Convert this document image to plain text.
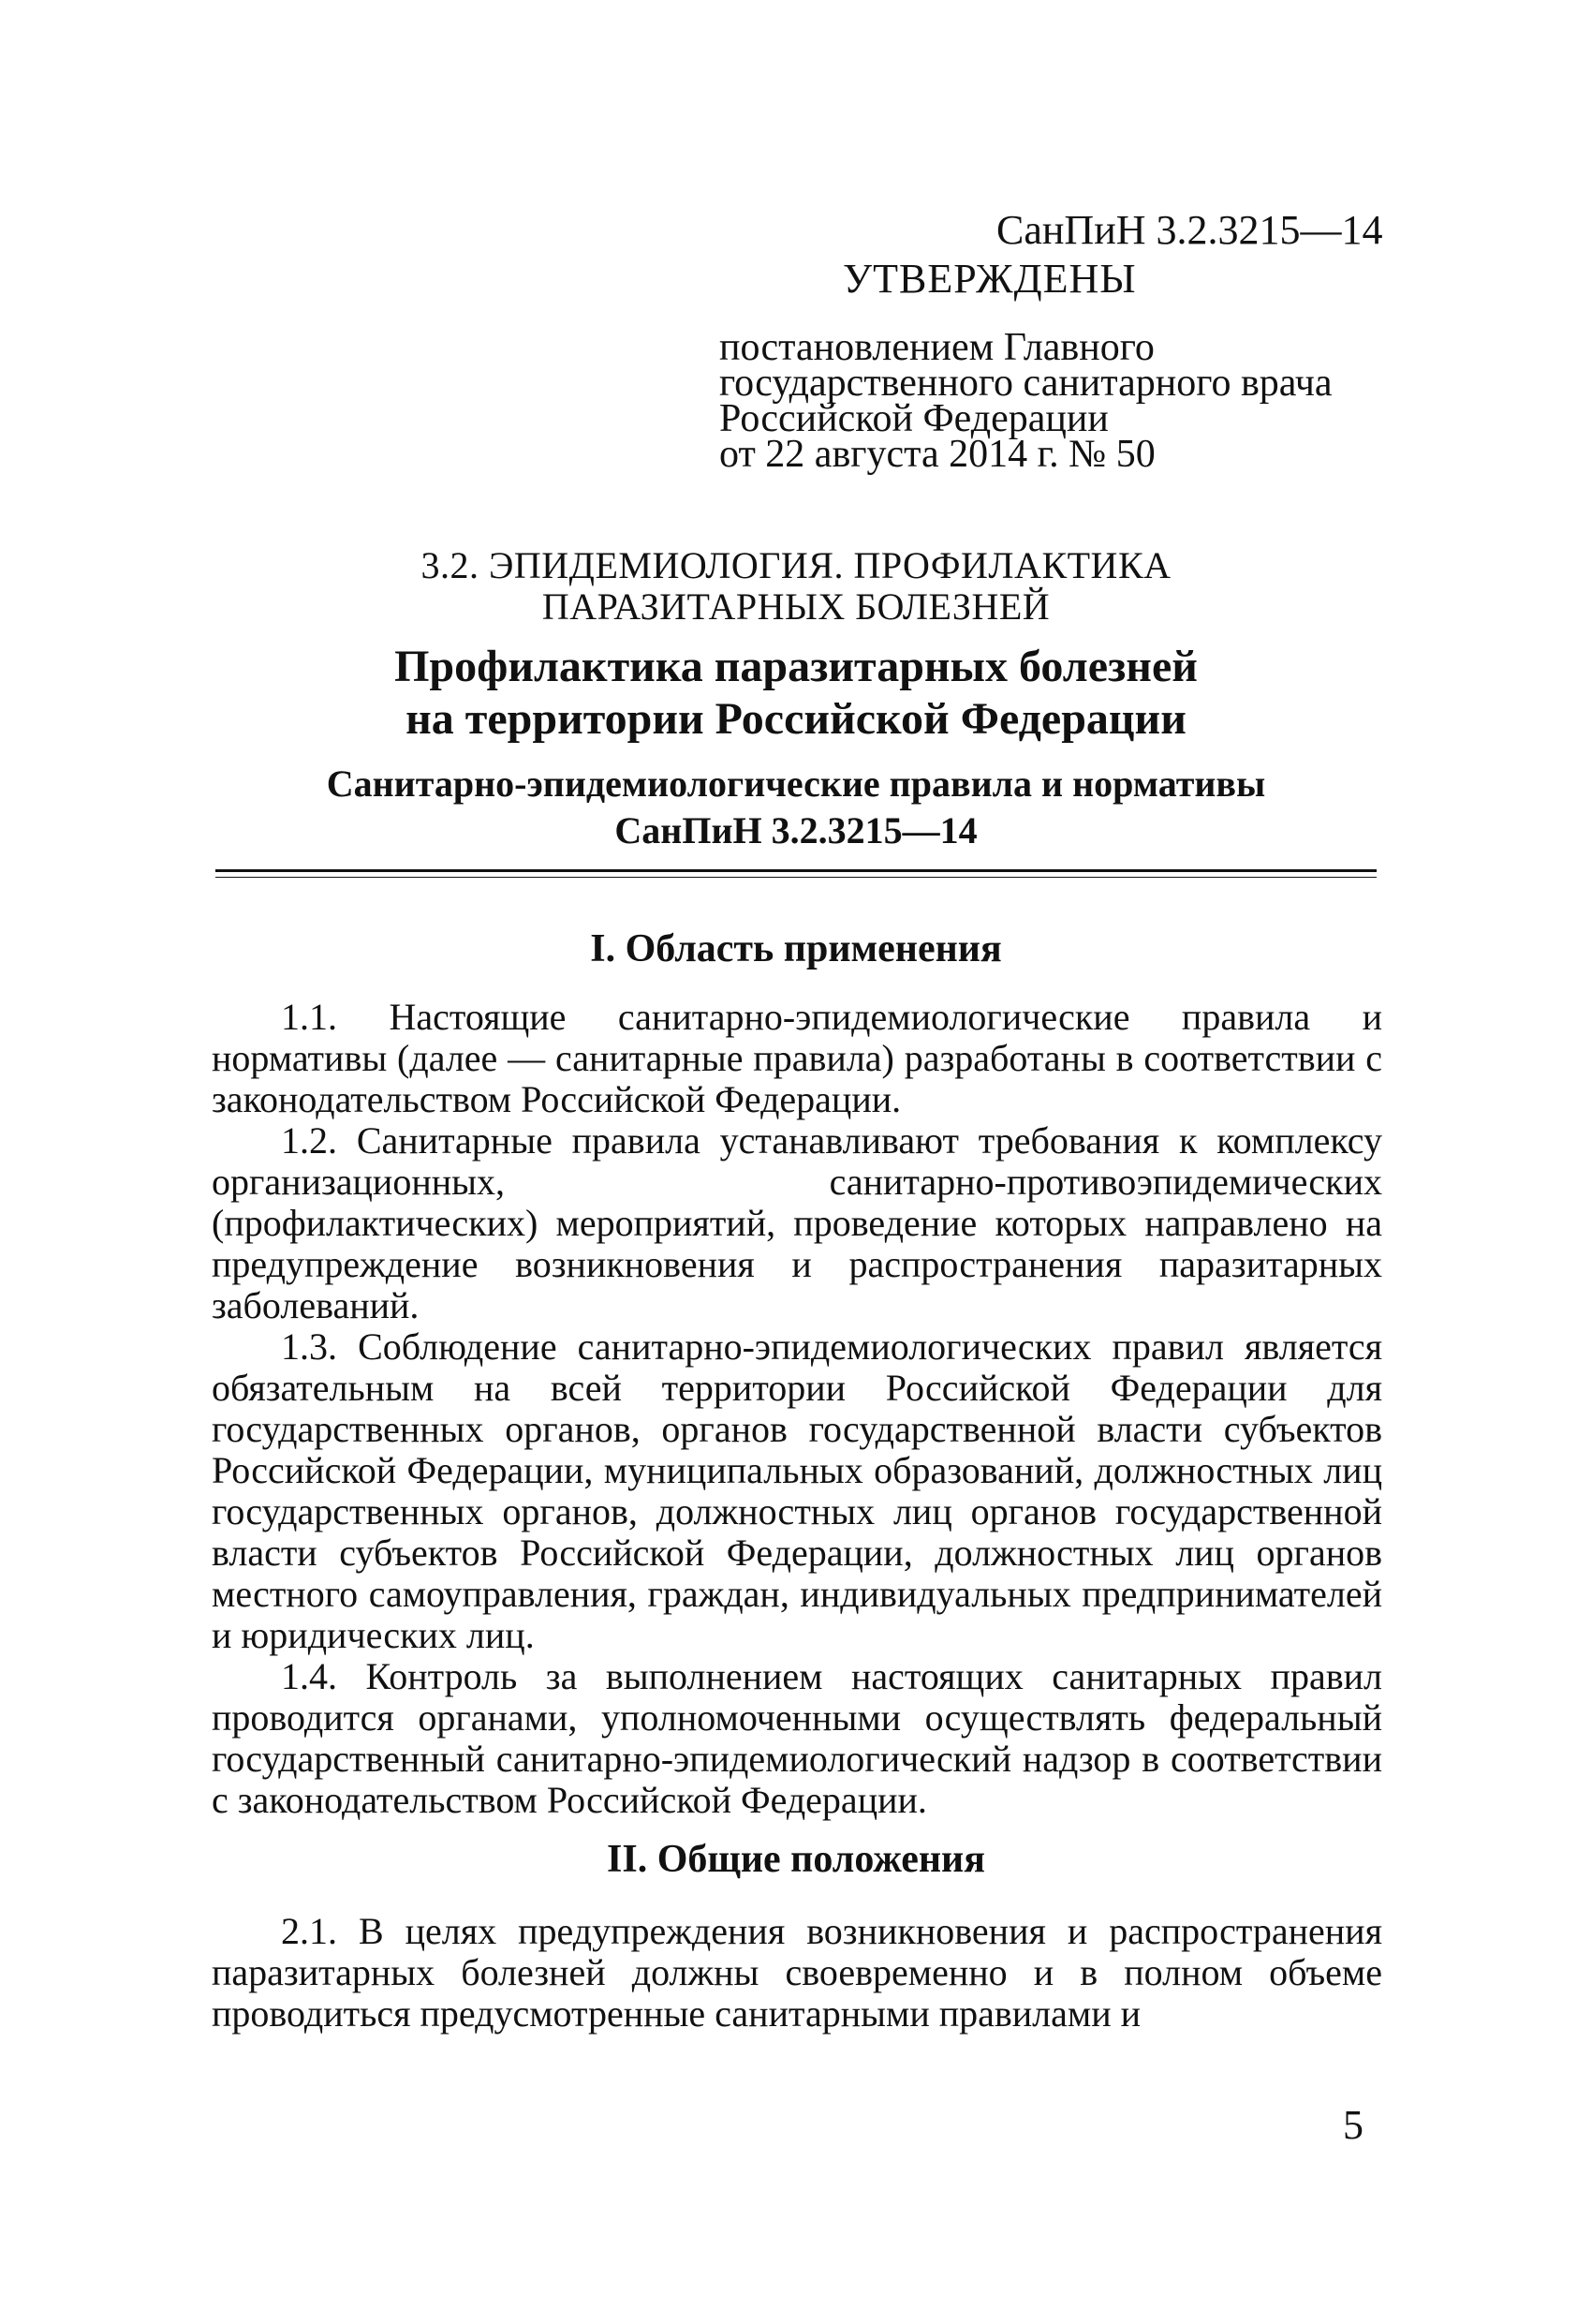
СанПиН 3.2.3215—14
УТВЕРЖДЕНЫ
постановлением Главного
государственного санитарного врача
Российской Федерации
от 22 августа 2014 г. № 50
3.2. ЭПИДЕМИОЛОГИЯ. ПРОФИЛАКТИКА
ПАРАЗИТАРНЫХ БОЛЕЗНЕЙ
Профилактика паразитарных болезней
на территории Российской Федерации
Санитарно-эпидемиологические правила и нормативы
СанПиН 3.2.3215—14
I. Область применения

1.1. Настоящие санитарно-эпидемиологические правила и нормативы (далее — санитарные правила) разработаны в соответствии с законодательством Российской Федерации.

1.2. Санитарные правила устанавливают требования к комплексу организационных, санитарно-противоэпидемических (профилактических) мероприятий, проведение которых направлено на предупреждение возникновения и распространения паразитарных заболеваний.

1.3. Соблюдение санитарно-эпидемиологических правил является обязательным на всей территории Российской Федерации для государственных органов, органов государственной власти субъектов Российской Федерации, муниципальных образований, должностных лиц государственных органов, должностных лиц органов государственной власти субъектов Российской Федерации, должностных лиц органов местного самоуправления, граждан, индивидуальных предпринимателей и юридических лиц.

1.4. Контроль за выполнением настоящих санитарных правил проводится органами, уполномоченными осуществлять федеральный государственный санитарно-эпидемиологический надзор в соответствии с законодательством Российской Федерации.

II. Общие положения

2.1. В целях предупреждения возникновения и распространения паразитарных болезней должны своевременно и в полном объеме проводиться предусмотренные санитарными правилами и

5
